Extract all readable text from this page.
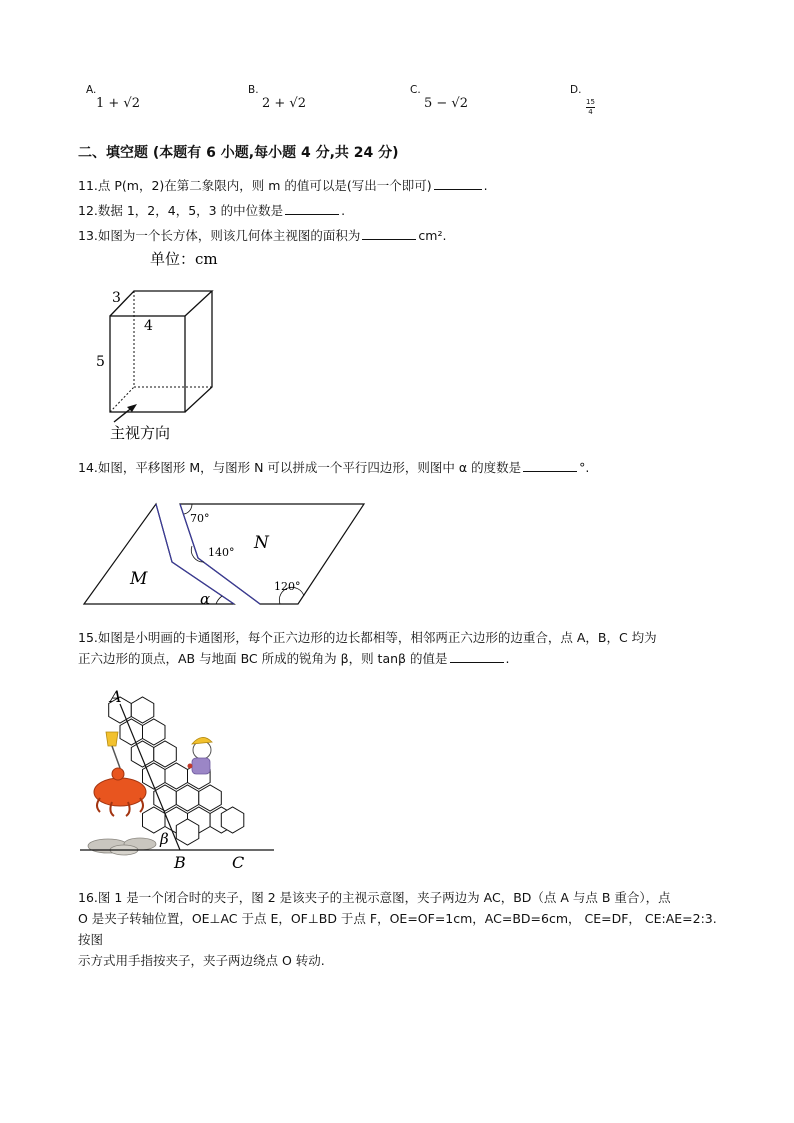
A.
1 + √2
B.
2 + √2
C.
5 − √2
D.
$\frac{15}{4}$
二、填空题 (本题有 6 小题,每小题 4 分,共 24 分)
11.点 P(m，2)在第二象限内，则 m 的值可以是(写出一个即可)	.
12.数据 1，2，4，5，3 的中位数是	.
13.如图为一个长方体，则该几何体主视图的面积为	cm².
单位：cm
3
4
5
主视方向
14.如图，平移图形 M，与图形 N 可以拼成一个平行四边形，则图中 α 的度数是	°.
70°
140°
120°
M
N
α
15.如图是小明画的卡通图形，每个正六边形的边长都相等，相邻两正六边形的边重合，点 A，B，C 均为
正六边形的顶点，AB 与地面 BC 所成的锐角为 β，则 tanβ 的值是	.
A
B	C
β
16.图 1 是一个闭合时的夹子，图 2 是该夹子的主视示意图，夹子两边为 AC，BD（点 A 与点 B 重合），点
O 是夹子转轴位置，OE⊥AC 于点 E，OF⊥BD 于点 F，OE=OF=1cm，AC=BD=6cm， CE=DF， CE:AE=2:3.按图
示方式用手指按夹子，夹子两边绕点 O 转动.
